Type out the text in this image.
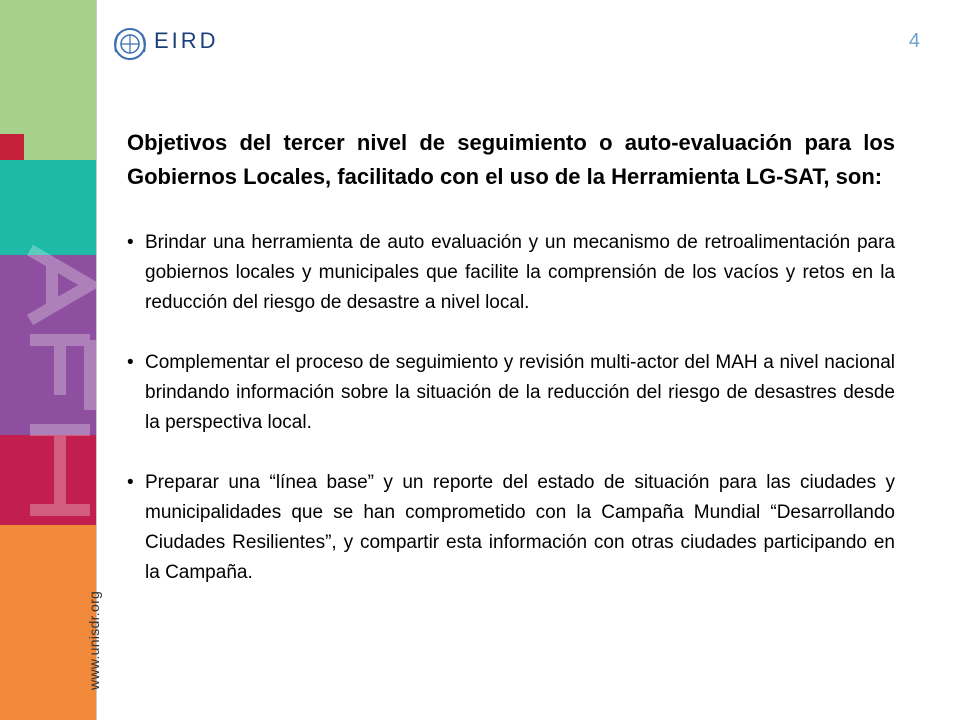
www.unisdr.org
EIRD	4
Objetivos del tercer nivel de seguimiento o auto-evaluación para los Gobiernos Locales, facilitado con el uso de la Herramienta LG-SAT, son:
• Brindar una herramienta de auto evaluación y un mecanismo de retroalimentación para gobiernos locales y municipales que facilite la comprensión de los vacíos y retos en la reducción del riesgo de desastre a nivel local.
• Complementar el proceso de seguimiento y revisión multi-actor del MAH a nivel nacional brindando información sobre la situación de la reducción del riesgo de desastres desde la perspectiva local.
• Preparar una “línea base” y un reporte del estado de situación para las ciudades y municipalidades que se han comprometido con la Campaña Mundial “Desarrollando Ciudades Resilientes”, y compartir esta información con otras ciudades participando en la Campaña.
